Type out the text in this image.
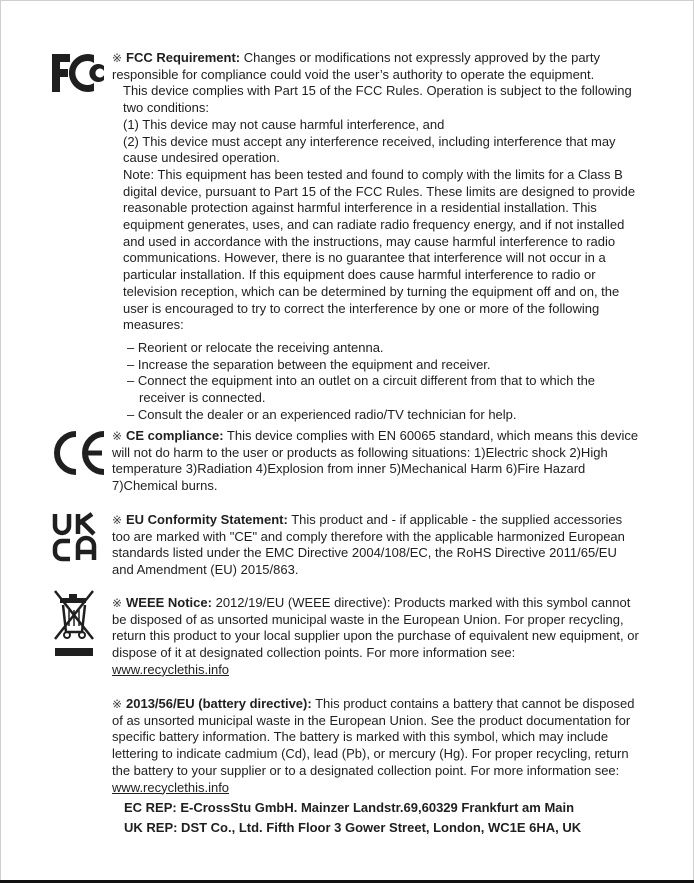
※ FCC Requirement: Changes or modifications not expressly approved by the party responsible for compliance could void the user’s authority to operate the equipment.

This device complies with Part 15 of the FCC Rules. Operation is subject to the following two conditions:

(1) This device may not cause harmful interference, and

(2) This device must accept any interference received, including interference that may cause undesired operation.

Note: This equipment has been tested and found to comply with the limits for a Class B digital device, pursuant to Part 15 of the FCC Rules. These limits are designed to provide reasonable protection against harmful interference in a residential installation. This equipment generates, uses, and can radiate radio frequency energy, and if not installed and used in accordance with the instructions, may cause harmful interference to radio communications. However, there is no guarantee that interference will not occur in a particular installation. If this equipment does cause harmful interference to radio or television reception, which can be determined by turning the equipment off and on, the user is encouraged to try to correct the interference by one or more of the following measures:

– Reorient or relocate the receiving antenna.
– Increase the separation between the equipment and receiver.
– Connect the equipment into an outlet on a circuit different from that to which the
receiver is connected.
– Consult the dealer or an experienced radio/TV technician for help.

※ CE compliance: This device complies with EN 60065 standard, which means this device will not do harm to the user or products as following situations: 1)Electric shock 2)High temperature 3)Radiation 4)Explosion from inner 5)Mechanical Harm 6)Fire Hazard 7)Chemical burns.

※ EU Conformity Statement: This product and - if applicable - the supplied accessories too are marked with "CE" and comply therefore with the applicable harmonized European standards listed under the EMC Directive 2004/108/EC, the RoHS Directive 2011/65/EU and Amendment (EU) 2015/863.

※ WEEE Notice: 2012/19/EU (WEEE directive): Products marked with this symbol cannot be disposed of as unsorted municipal waste in the European Union. For proper recycling, return this product to your local supplier upon the purchase of equivalent new equipment, or dispose of it at designated collection points. For more information see:
www.recyclethis.info

※ 2013/56/EU (battery directive): This product contains a battery that cannot be disposed of as unsorted municipal waste in the European Union. See the product documentation for specific battery information. The battery is marked with this symbol, which may include lettering to indicate cadmium (Cd), lead (Pb), or mercury (Hg). For proper recycling, return the battery to your supplier or to a designated collection point. For more information see: www.recyclethis.info

EC REP: E-CrossStu GmbH. Mainzer Landstr.69,60329 Frankfurt am Main
UK REP: DST Co., Ltd. Fifth Floor 3 Gower Street, London, WC1E 6HA, UK
